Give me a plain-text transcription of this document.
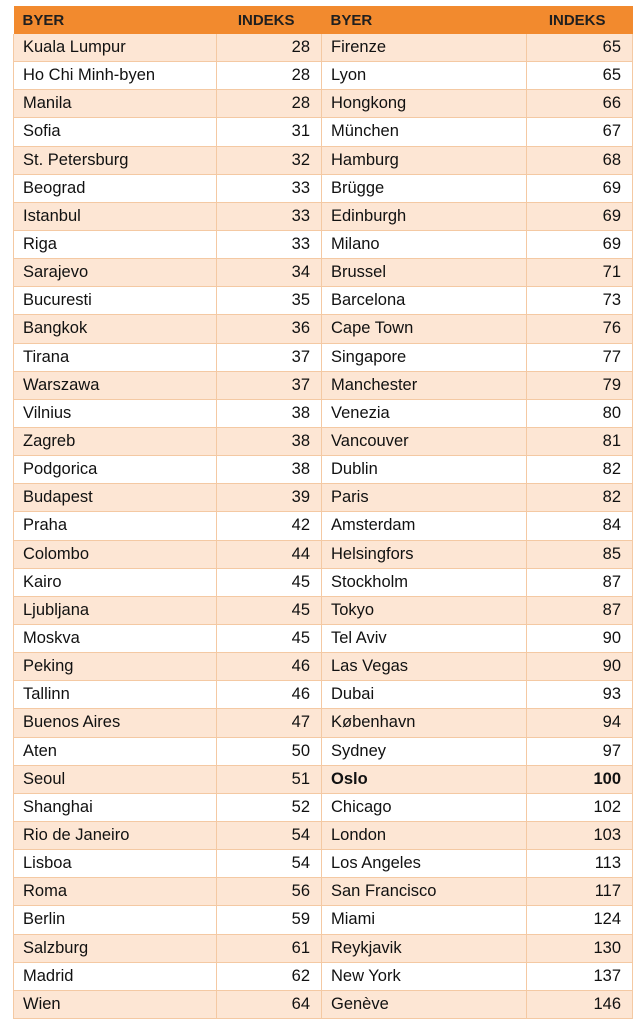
BYER	INDEKS	BYER	INDEKS
Kuala Lumpur	28	Firenze	65
Ho Chi Minh-byen	28	Lyon	65
Manila	28	Hongkong	66
Sofia	31	München	67
St. Petersburg	32	Hamburg	68
Beograd	33	Brügge	69
Istanbul	33	Edinburgh	69
Riga	33	Milano	69
Sarajevo	34	Brussel	71
Bucuresti	35	Barcelona	73
Bangkok	36	Cape Town	76
Tirana	37	Singapore	77
Warszawa	37	Manchester	79
Vilnius	38	Venezia	80
Zagreb	38	Vancouver	81
Podgorica	38	Dublin	82
Budapest	39	Paris	82
Praha	42	Amsterdam	84
Colombo	44	Helsingfors	85
Kairo	45	Stockholm	87
Ljubljana	45	Tokyo	87
Moskva	45	Tel Aviv	90
Peking	46	Las Vegas	90
Tallinn	46	Dubai	93
Buenos Aires	47	København	94
Aten	50	Sydney	97
Seoul	51	Oslo	100
Shanghai	52	Chicago	102
Rio de Janeiro	54	London	103
Lisboa	54	Los Angeles	113
Roma	56	San Francisco	117
Berlin	59	Miami	124
Salzburg	61	Reykjavik	130
Madrid	62	New York	137
Wien	64	Genève	146
